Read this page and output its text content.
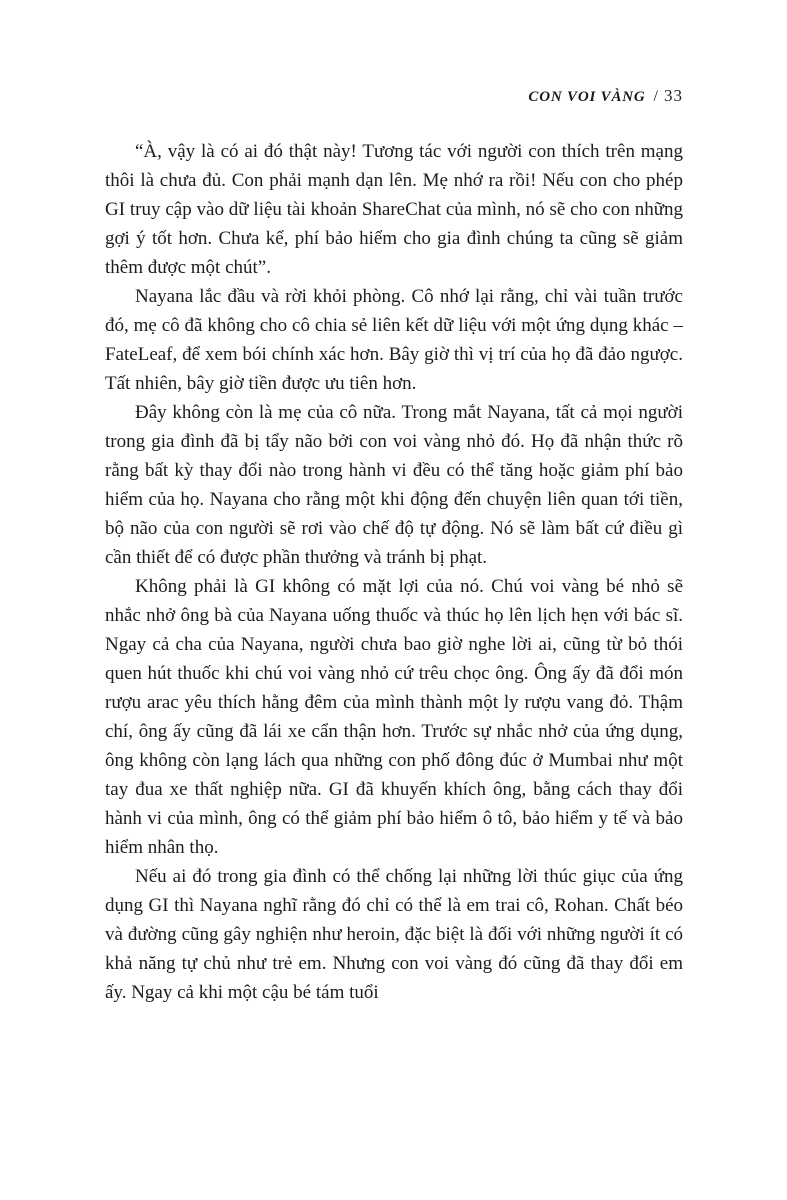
CON VOI VÀNG / 33

“À, vậy là có ai đó thật này! Tương tác với người con thích trên mạng thôi là chưa đủ. Con phải mạnh dạn lên. Mẹ nhớ ra rồi! Nếu con cho phép GI truy cập vào dữ liệu tài khoản ShareChat của mình, nó sẽ cho con những gợi ý tốt hơn. Chưa kể, phí bảo hiểm cho gia đình chúng ta cũng sẽ giảm thêm được một chút”.

Nayana lắc đầu và rời khỏi phòng. Cô nhớ lại rằng, chỉ vài tuần trước đó, mẹ cô đã không cho cô chia sẻ liên kết dữ liệu với một ứng dụng khác – FateLeaf, để xem bói chính xác hơn. Bây giờ thì vị trí của họ đã đảo ngược. Tất nhiên, bây giờ tiền được ưu tiên hơn.

Đây không còn là mẹ của cô nữa. Trong mắt Nayana, tất cả mọi người trong gia đình đã bị tẩy não bởi con voi vàng nhỏ đó. Họ đã nhận thức rõ rằng bất kỳ thay đổi nào trong hành vi đều có thể tăng hoặc giảm phí bảo hiểm của họ. Nayana cho rằng một khi động đến chuyện liên quan tới tiền, bộ não của con người sẽ rơi vào chế độ tự động. Nó sẽ làm bất cứ điều gì cần thiết để có được phần thưởng và tránh bị phạt.

Không phải là GI không có mặt lợi của nó. Chú voi vàng bé nhỏ sẽ nhắc nhở ông bà của Nayana uống thuốc và thúc họ lên lịch hẹn với bác sĩ. Ngay cả cha của Nayana, người chưa bao giờ nghe lời ai, cũng từ bỏ thói quen hút thuốc khi chú voi vàng nhỏ cứ trêu chọc ông. Ông ấy đã đổi món rượu arac yêu thích hằng đêm của mình thành một ly rượu vang đỏ. Thậm chí, ông ấy cũng đã lái xe cẩn thận hơn. Trước sự nhắc nhở của ứng dụng, ông không còn lạng lách qua những con phố đông đúc ở Mumbai như một tay đua xe thất nghiệp nữa. GI đã khuyến khích ông, bằng cách thay đổi hành vi của mình, ông có thể giảm phí bảo hiểm ô tô, bảo hiểm y tế và bảo hiểm nhân thọ.

Nếu ai đó trong gia đình có thể chống lại những lời thúc giục của ứng dụng GI thì Nayana nghĩ rằng đó chỉ có thể là em trai cô, Rohan. Chất béo và đường cũng gây nghiện như heroin, đặc biệt là đối với những người ít có khả năng tự chủ như trẻ em. Nhưng con voi vàng đó cũng đã thay đổi em ấy. Ngay cả khi một cậu bé tám tuổi
